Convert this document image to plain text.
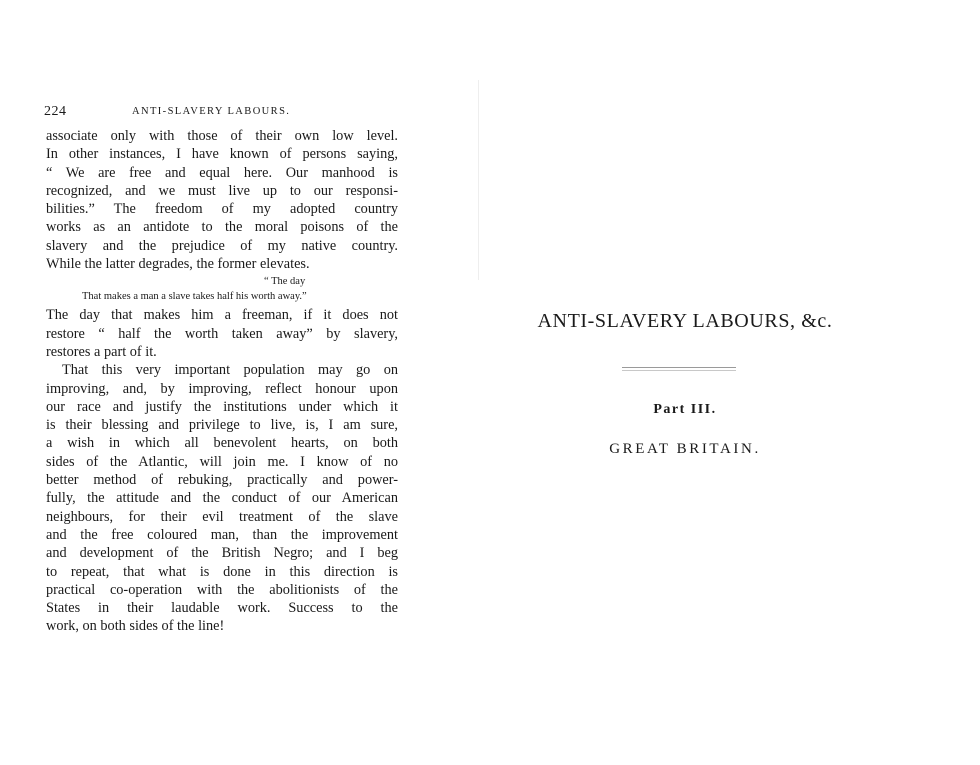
224	ANTI-SLAVERY LABOURS.
associate only with those of their own low level.
In other instances, I have known of persons saying,
“ We are free and equal here. Our manhood is
recognized, and we must live up to our responsi-
bilities.” The freedom of my adopted country
works as an antidote to the moral poisons of the
slavery and the prejudice of my native country.
While the latter degrades, the former elevates.
“ The day
That makes a man a slave takes half his worth away.”
The day that makes him a freeman, if it does not
restore “ half the worth taken away” by slavery,
restores a part of it.
That this very important population may go on
improving, and, by improving, reflect honour upon
our race and justify the institutions under which it
is their blessing and privilege to live, is, I am sure,
a wish in which all benevolent hearts, on both
sides of the Atlantic, will join me. I know of no
better method of rebuking, practically and power-
fully, the attitude and the conduct of our American
neighbours, for their evil treatment of the slave
and the free coloured man, than the improvement
and development of the British Negro; and I beg
to repeat, that what is done in this direction is
practical co-operation with the abolitionists of the
States in their laudable work. Success to the
work, on both sides of the line!
ANTI-SLAVERY LABOURS, &c.
Part III.
GREAT BRITAIN.
